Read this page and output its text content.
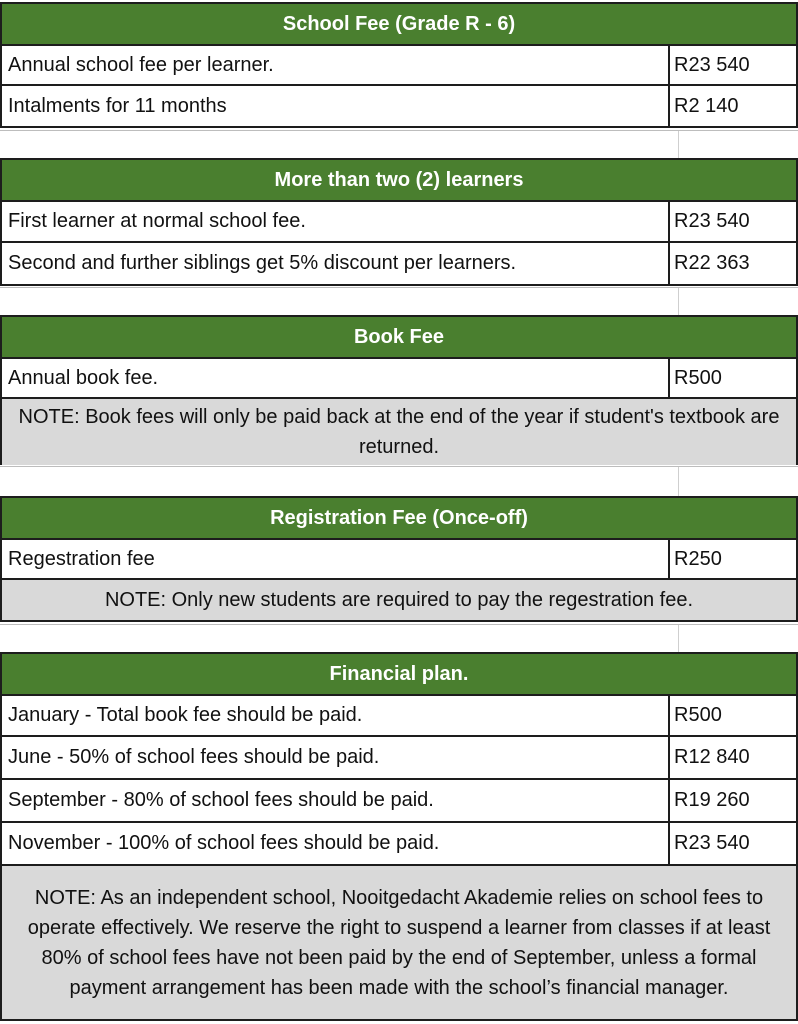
School Fee (Grade R - 6)
Annual school fee per learner.	R23 540
Intalments for 11 months	R2 140
More than two (2) learners
First learner at normal school fee.	R23 540
Second and further siblings get 5% discount per learners.	R22 363
Book Fee
Annual book fee.	R500
NOTE: Book fees will only be paid back at the end of the year if student's textbook are returned.
Registration Fee (Once-off)
Regestration fee	R250
NOTE: Only new students are required to pay the regestration fee.
Financial plan.
January - Total book fee should be paid.	R500
June - 50% of school fees should be paid.	R12 840
September - 80% of school fees should be paid.	R19 260
November - 100% of school fees should be paid.	R23 540
NOTE: As an independent school, Nooitgedacht Akademie relies on school fees to operate effectively. We reserve the right to suspend a learner from classes if at least 80% of school fees have not been paid by the end of September, unless a formal payment arrangement has been made with the school’s financial manager.
